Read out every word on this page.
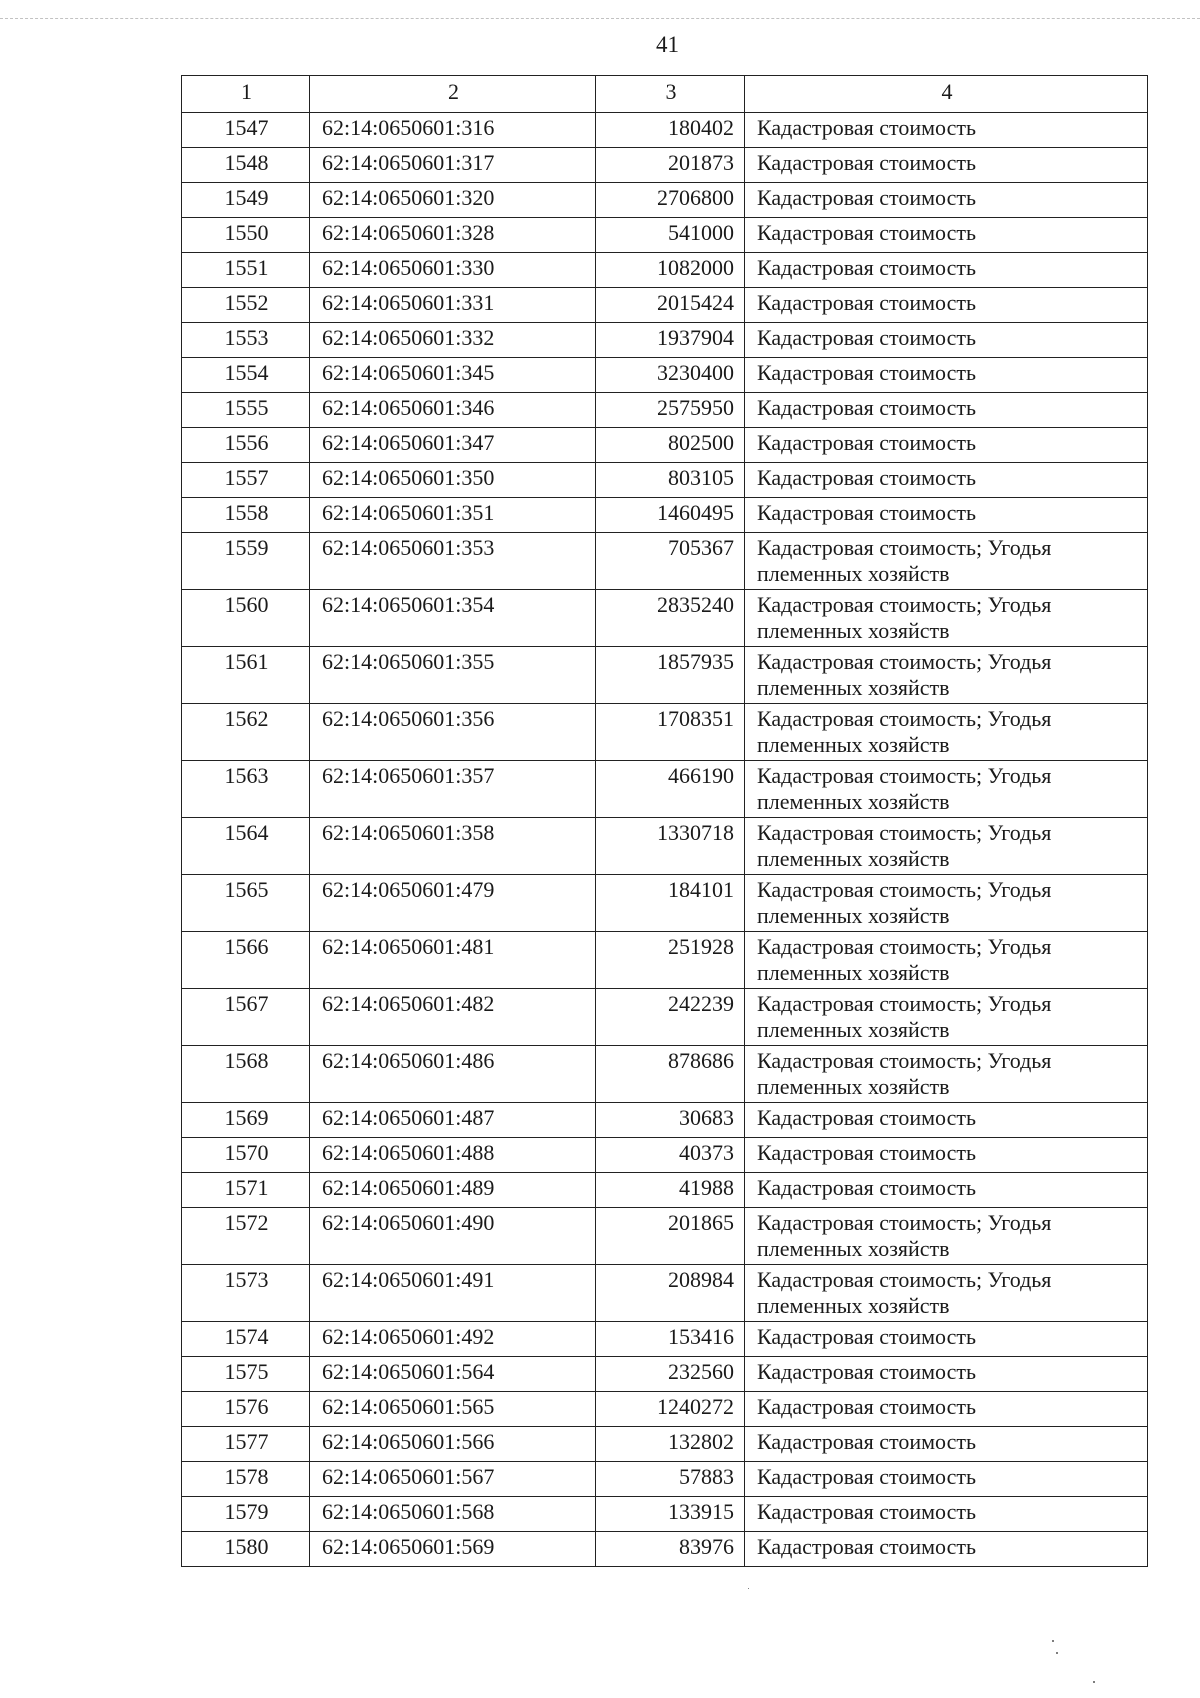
41
1	2	3	4
1547	62:14:0650601:316	180402	Кадастровая стоимость
1548	62:14:0650601:317	201873	Кадастровая стоимость
1549	62:14:0650601:320	2706800	Кадастровая стоимость
1550	62:14:0650601:328	541000	Кадастровая стоимость
1551	62:14:0650601:330	1082000	Кадастровая стоимость
1552	62:14:0650601:331	2015424	Кадастровая стоимость
1553	62:14:0650601:332	1937904	Кадастровая стоимость
1554	62:14:0650601:345	3230400	Кадастровая стоимость
1555	62:14:0650601:346	2575950	Кадастровая стоимость
1556	62:14:0650601:347	802500	Кадастровая стоимость
1557	62:14:0650601:350	803105	Кадастровая стоимость
1558	62:14:0650601:351	1460495	Кадастровая стоимость
1559	62:14:0650601:353	705367	Кадастровая стоимость; Угодья племенных хозяйств
1560	62:14:0650601:354	2835240	Кадастровая стоимость; Угодья племенных хозяйств
1561	62:14:0650601:355	1857935	Кадастровая стоимость; Угодья племенных хозяйств
1562	62:14:0650601:356	1708351	Кадастровая стоимость; Угодья племенных хозяйств
1563	62:14:0650601:357	466190	Кадастровая стоимость; Угодья племенных хозяйств
1564	62:14:0650601:358	1330718	Кадастровая стоимость; Угодья племенных хозяйств
1565	62:14:0650601:479	184101	Кадастровая стоимость; Угодья племенных хозяйств
1566	62:14:0650601:481	251928	Кадастровая стоимость; Угодья племенных хозяйств
1567	62:14:0650601:482	242239	Кадастровая стоимость; Угодья племенных хозяйств
1568	62:14:0650601:486	878686	Кадастровая стоимость; Угодья племенных хозяйств
1569	62:14:0650601:487	30683	Кадастровая стоимость
1570	62:14:0650601:488	40373	Кадастровая стоимость
1571	62:14:0650601:489	41988	Кадастровая стоимость
1572	62:14:0650601:490	201865	Кадастровая стоимость; Угодья племенных хозяйств
1573	62:14:0650601:491	208984	Кадастровая стоимость; Угодья племенных хозяйств
1574	62:14:0650601:492	153416	Кадастровая стоимость
1575	62:14:0650601:564	232560	Кадастровая стоимость
1576	62:14:0650601:565	1240272	Кадастровая стоимость
1577	62:14:0650601:566	132802	Кадастровая стоимость
1578	62:14:0650601:567	57883	Кадастровая стоимость
1579	62:14:0650601:568	133915	Кадастровая стоимость
1580	62:14:0650601:569	83976	Кадастровая стоимость
